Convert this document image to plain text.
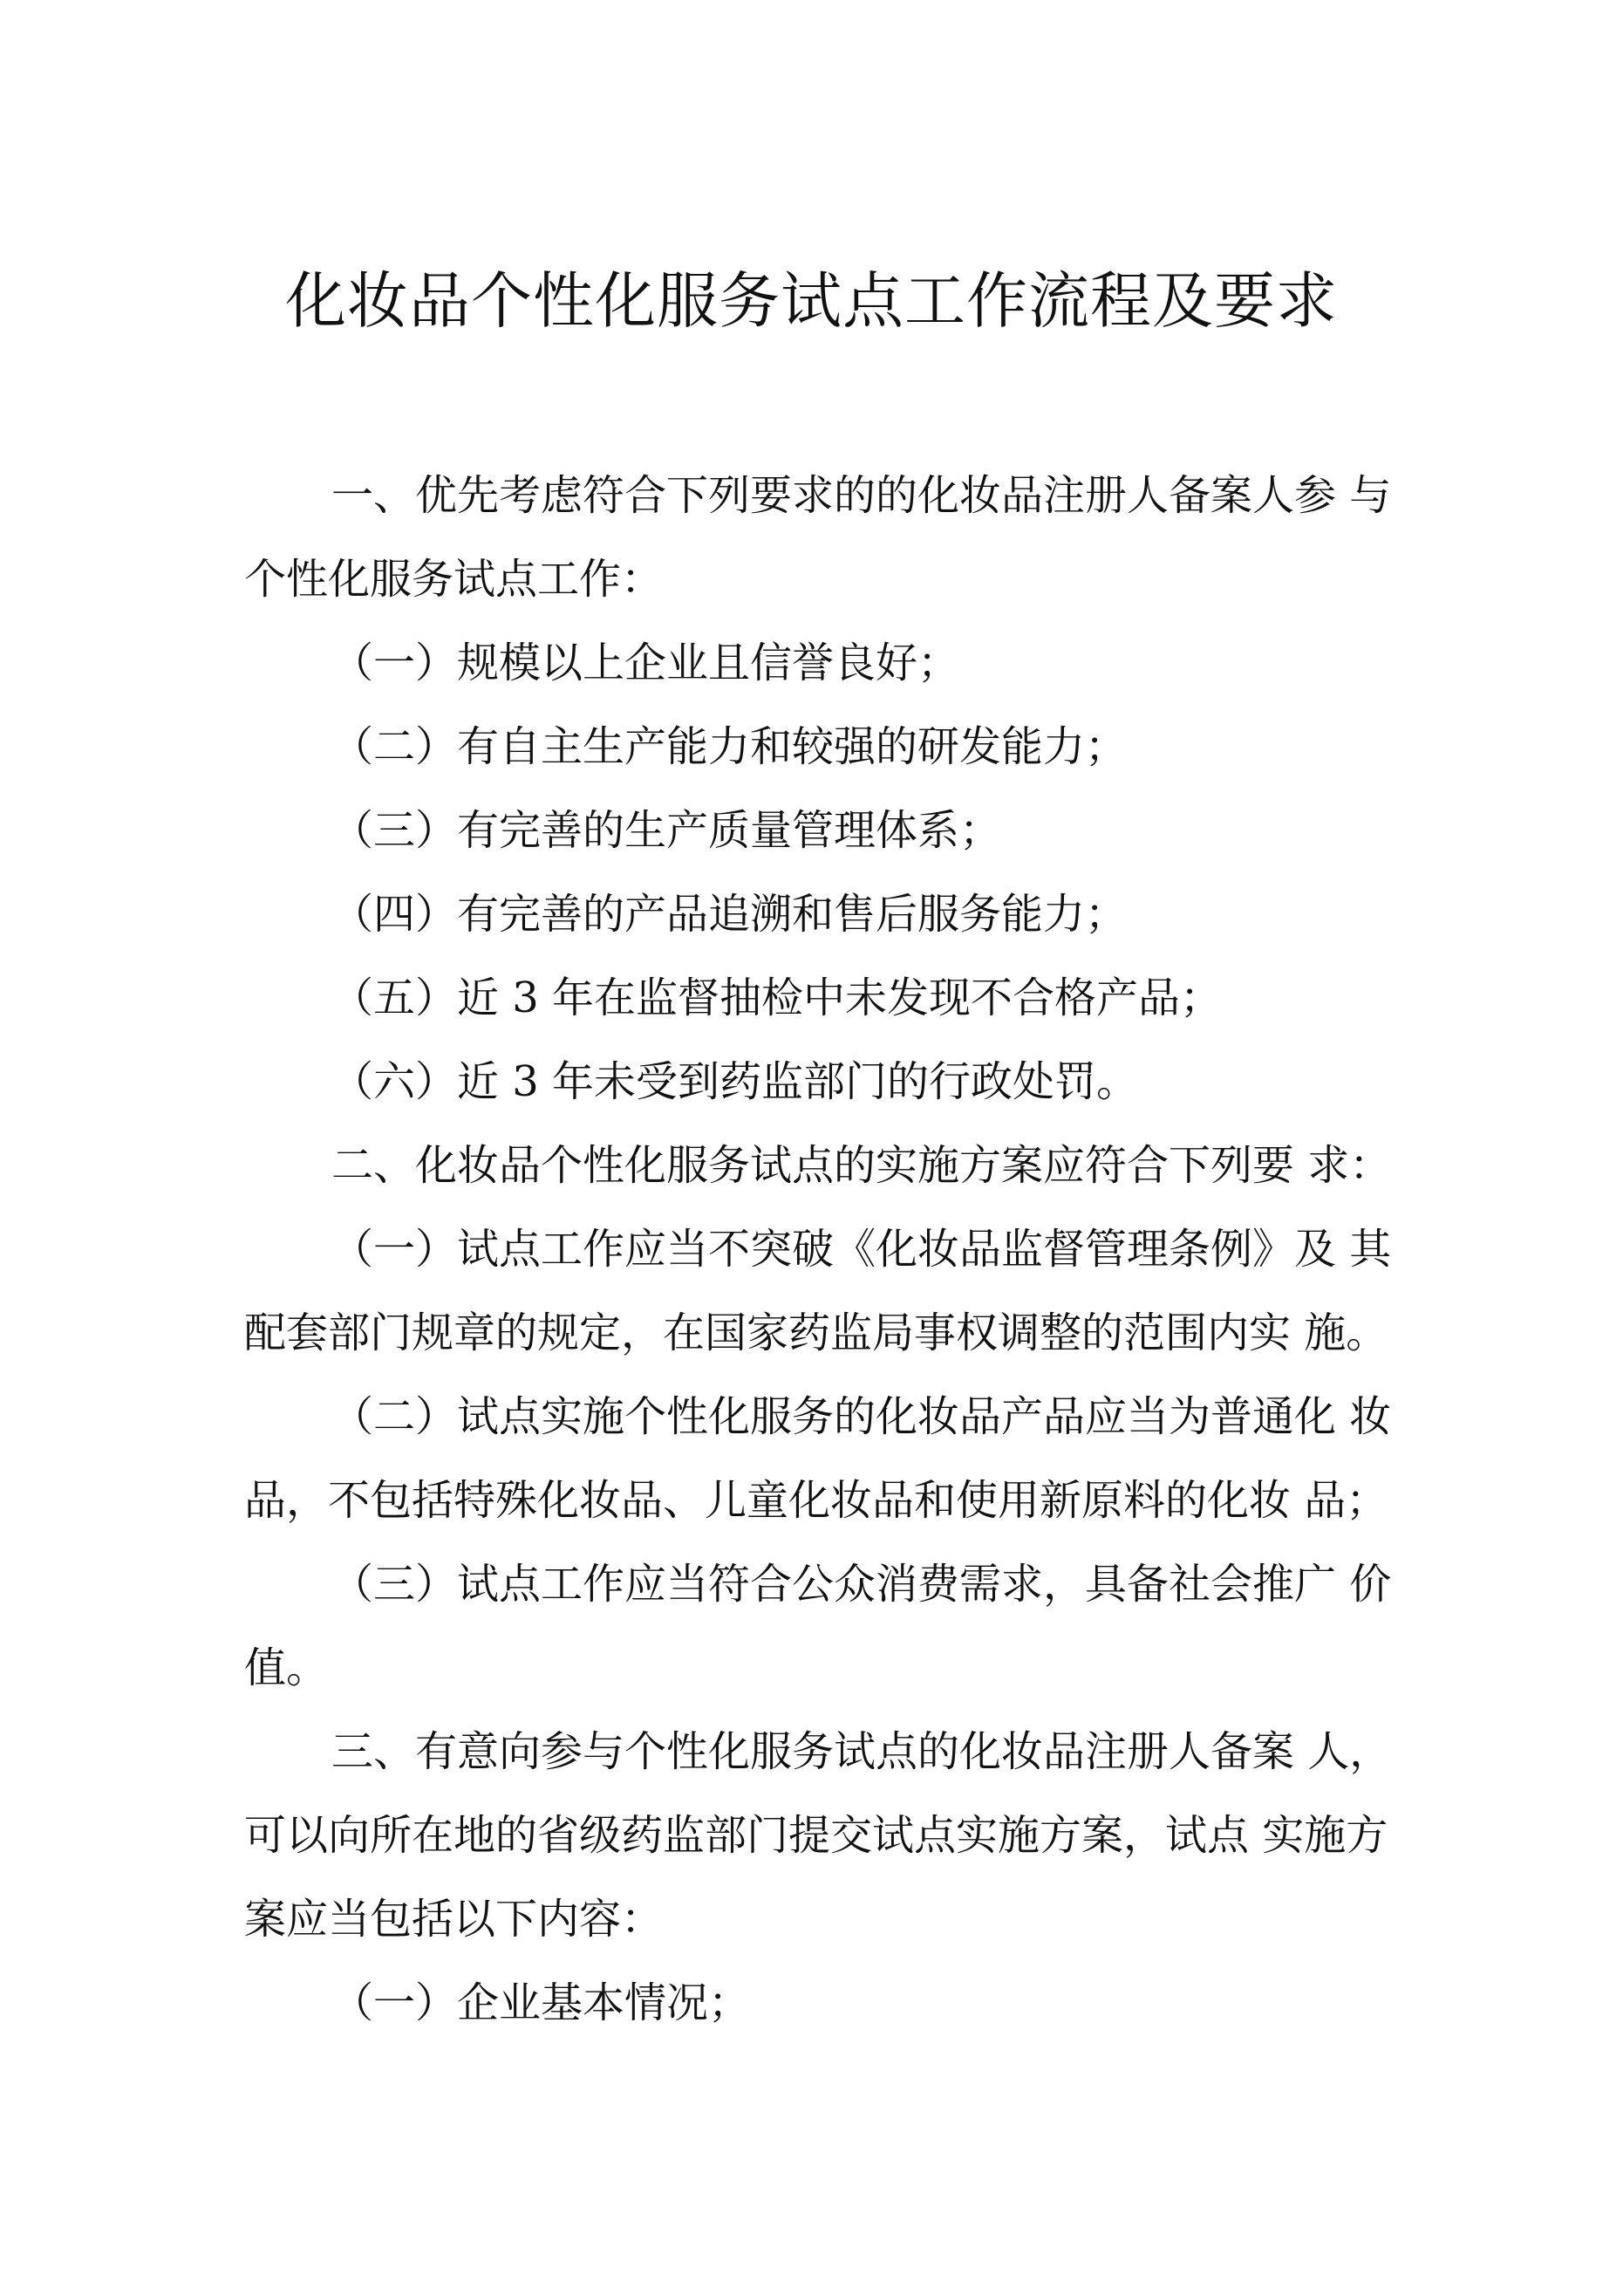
化妆品个性化服务试点工作流程及要求
一、优先考虑符合下列要求的的化妆品注册人备案人参 与
个性化服务试点工作：
（一）规模以上企业且信誉良好；
（二）有自主生产能力和较强的研发能力；
（三）有完善的生产质量管理体系；
（四）有完善的产品追溯和售后服务能力；
（五）近 3 年在监督抽检中未发现不合格产品；
（六）近 3 年未受到药监部门的行政处罚。
二、化妆品个性化服务试点的实施方案应符合下列要 求：
（一）试点工作应当不突破《化妆品监督管理条例》及 其
配套部门规章的规定，在国家药监局事权调整的范围内实 施。
（二）试点实施个性化服务的化妆品产品应当为普通化 妆
品，不包括特殊化妆品、儿童化妆品和使用新原料的化妆 品；
（三）试点工作应当符合公众消费需求，具备社会推广 价
值。
三、有意向参与个性化服务试点的化妆品注册人备案 人，
可以向所在地的省级药监部门提交试点实施方案，试点 实施方
案应当包括以下内容：
（一）企业基本情况；
